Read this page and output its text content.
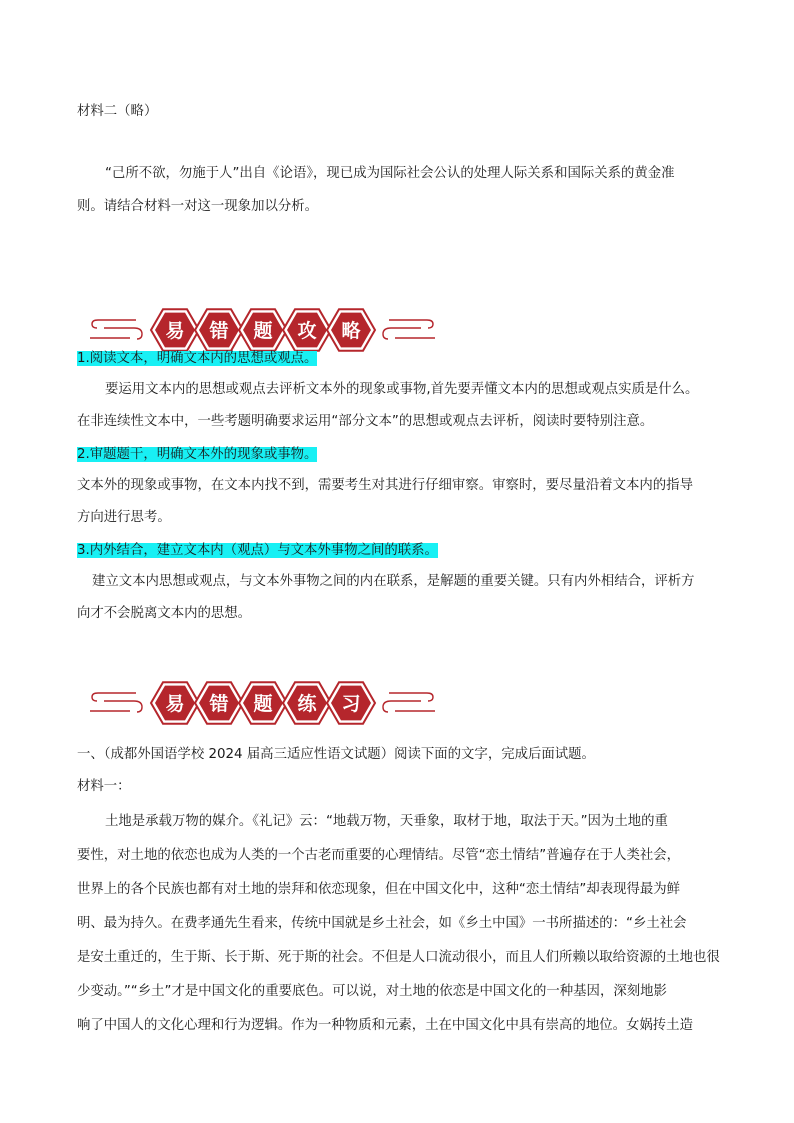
材料二（略）

“己所不欲，勿施于人”出自《论语》，现已成为国际社会公认的处理人际关系和国际关系的黄金准

则。请结合材料一对这一现象加以分析。

易 错 题 攻 略

1.阅读文本，明确文本内的思想或观点。

要运用文本内的思想或观点去评析文本外的现象或事物,首先要弄懂文本内的思想或观点实质是什么。

在非连续性文本中，一些考题明确要求运用“部分文本”的思想或观点去评析，阅读时要特别注意。

2.审题题干，明确文本外的现象或事物。

文本外的现象或事物，在文本内找不到，需要考生对其进行仔细审察。审察时，要尽量沿着文本内的指导

方向进行思考。

3.内外结合，建立文本内（观点）与文本外事物之间的联系。

建立文本内思想或观点，与文本外事物之间的内在联系，是解题的重要关键。只有内外相结合，评析方

向才不会脱离文本内的思想。

易 错 题 练 习

一、（成都外国语学校 2024 届高三适应性语文试题）阅读下面的文字，完成后面试题。

材料一：

土地是承载万物的媒介。《礼记》云：“地载万物，天垂象，取材于地，取法于天。”因为土地的重

要性，对土地的依恋也成为人类的一个古老而重要的心理情结。尽管“恋土情结”普遍存在于人类社会，

世界上的各个民族也都有对土地的崇拜和依恋现象，但在中国文化中，这种“恋土情结”却表现得最为鲜

明、最为持久。在费孝通先生看来，传统中国就是乡土社会，如《乡土中国》一书所描述的：“乡土社会

是安土重迁的，生于斯、长于斯、死于斯的社会。不但是人口流动很小，而且人们所赖以取给资源的土地也很

少变动。”“乡土”才是中国文化的重要底色。可以说，对土地的依恋是中国文化的一种基因，深刻地影

响了中国人的文化心理和行为逻辑。作为一种物质和元素，土在中国文化中具有崇高的地位。女娲抟土造
